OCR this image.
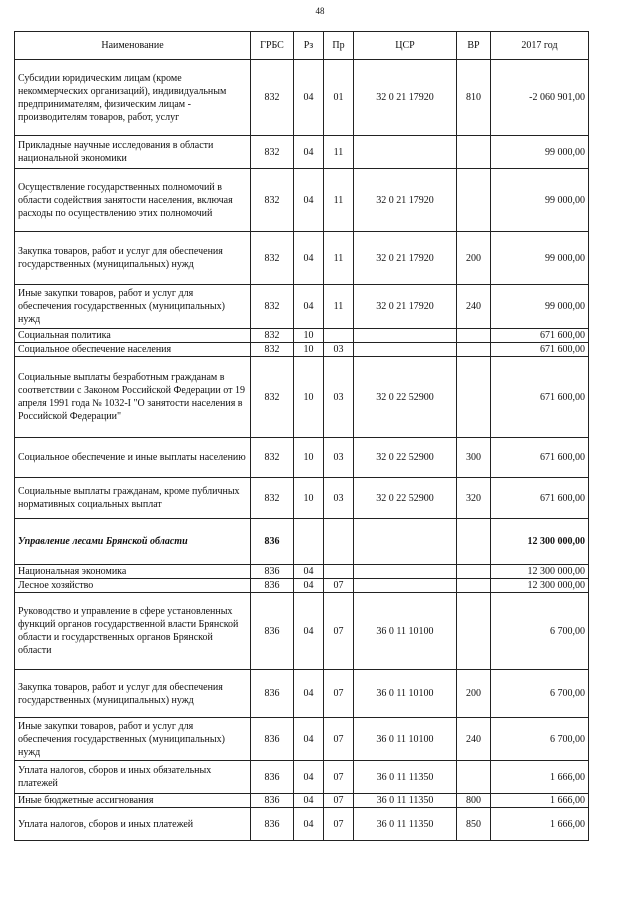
48
Наименование	ГРБС	Рз	Пр	ЦСР	ВР	2017 год
Субсидии юридическим лицам (кроме некоммерческих организаций), индивидуальным предпринимателям, физическим лицам - производителям товаров, работ, услуг	832	04	01	32 0 21 17920	810	-2 060 901,00
Прикладные научные исследования в области национальной экономики	832	04	11			99 000,00
Осуществление государственных полномочий в области содействия занятости населения, включая расходы по осуществлению этих полномочий	832	04	11	32 0 21 17920		99 000,00
Закупка товаров, работ и услуг для обеспечения государственных (муниципальных) нужд	832	04	11	32 0 21 17920	200	99 000,00
Иные закупки товаров, работ и услуг для обеспечения государственных (муниципальных) нужд	832	04	11	32 0 21 17920	240	99 000,00
Социальная политика	832	10				671 600,00
Социальное обеспечение населения	832	10	03			671 600,00
Социальные выплаты безработным гражданам в соответствии с Законом Российской Федерации от 19 апреля 1991 года № 1032-I "О занятости населения в Российской Федерации"	832	10	03	32 0 22 52900		671 600,00
Социальное обеспечение и иные выплаты населению	832	10	03	32 0 22 52900	300	671 600,00
Социальные выплаты гражданам, кроме публичных нормативных социальных выплат	832	10	03	32 0 22 52900	320	671 600,00
Управление лесами Брянской области	836					12 300 000,00
Национальная экономика	836	04				12 300 000,00
Лесное хозяйство	836	04	07			12 300 000,00
Руководство и управление в сфере установленных функций органов государственной власти Брянской области и государственных органов Брянской области	836	04	07	36 0 11 10100		6 700,00
Закупка товаров, работ и услуг для обеспечения государственных (муниципальных) нужд	836	04	07	36 0 11 10100	200	6 700,00
Иные закупки товаров, работ и услуг для обеспечения государственных (муниципальных) нужд	836	04	07	36 0 11 10100	240	6 700,00
Уплата налогов, сборов и иных обязательных платежей	836	04	07	36 0 11 11350		1 666,00
Иные бюджетные ассигнования	836	04	07	36 0 11 11350	800	1 666,00
Уплата налогов, сборов и иных платежей	836	04	07	36 0 11 11350	850	1 666,00
